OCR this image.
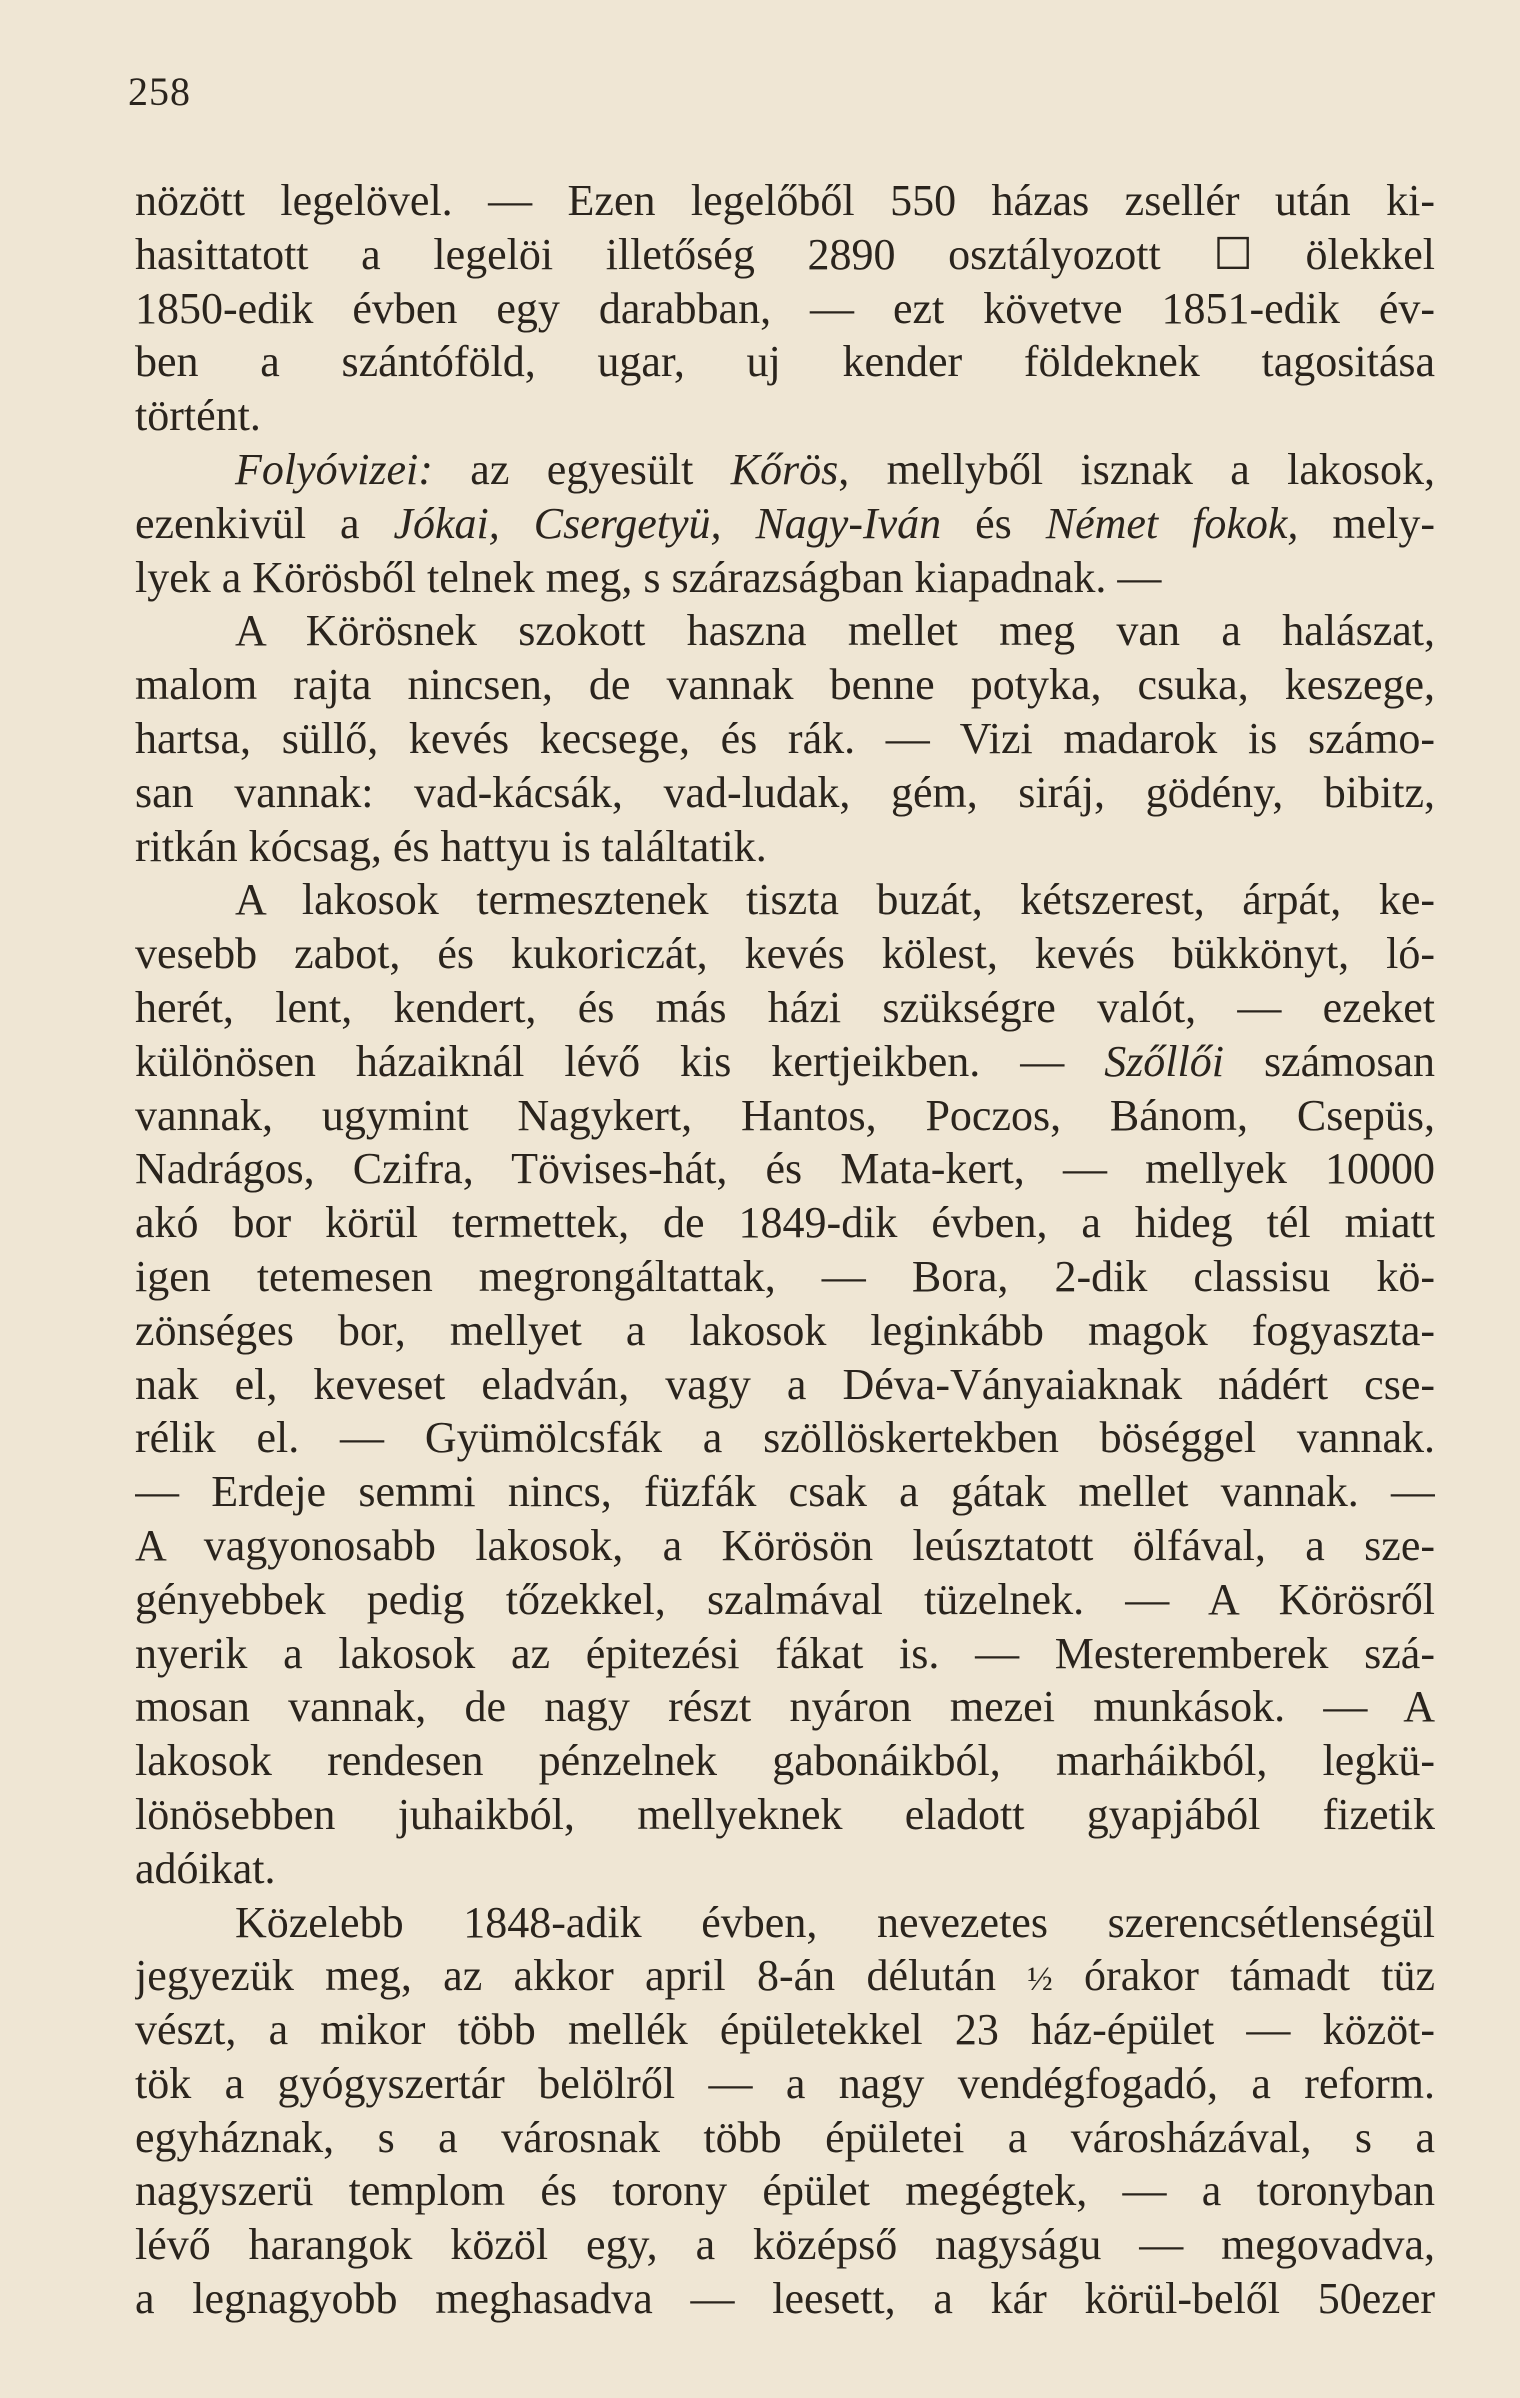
258
nözött legelövel. — Ezen legelőből 550 házas zsellér után ki-
hasittatott a legelöi illetőség 2890 osztályozott ☐ ölekkel
1850-edik évben egy darabban, — ezt követve 1851-edik év-
ben a szántóföld, ugar, uj kender földeknek tagositása
történt.
Folyóvizei: az egyesült Kőrös, mellyből isznak a lakosok,
ezenkivül a Jókai, Csergetyü, Nagy-Iván és Német fokok, mely-
lyek a Körösből telnek meg, s szárazságban kiapadnak. —
A Körösnek szokott haszna mellet meg van a halászat,
malom rajta nincsen, de vannak benne potyka, csuka, keszege,
hartsa, süllő, kevés kecsege, és rák. — Vizi madarok is számo-
san vannak: vad-kácsák, vad-ludak, gém, siráj, gödény, bibitz,
ritkán kócsag, és hattyu is találtatik.
A lakosok termesztenek tiszta buzát, kétszerest, árpát, ke-
vesebb zabot, és kukoriczát, kevés kölest, kevés bükkönyt, ló-
herét, lent, kendert, és más házi szükségre valót, — ezeket
különösen házaiknál lévő kis kertjeikben. — Szőllői számosan
vannak, ugymint Nagykert, Hantos, Poczos, Bánom, Csepüs,
Nadrágos, Czifra, Tövises-hát, és Mata-kert, — mellyek 10000
akó bor körül termettek, de 1849-dik évben, a hideg tél miatt
igen tetemesen megrongáltattak, — Bora, 2-dik classisu kö-
zönséges bor, mellyet a lakosok leginkább magok fogyaszta-
nak el, keveset eladván, vagy a Déva-Ványaiaknak nádért cse-
rélik el. — Gyümölcsfák a szöllöskertekben böséggel vannak.
— Erdeje semmi nincs, füzfák csak a gátak mellet vannak. —
A vagyonosabb lakosok, a Körösön leúsztatott ölfával, a sze-
gényebbek pedig tőzekkel, szalmával tüzelnek. — A Körösről
nyerik a lakosok az épitezési fákat is. — Mesteremberek szá-
mosan vannak, de nagy részt nyáron mezei munkások. — A
lakosok rendesen pénzelnek gabonáikból, marháikból, legkü-
lönösebben juhaikból, mellyeknek eladott gyapjából fizetik
adóikat.
Közelebb 1848-adik évben, nevezetes szerencsétlenségül
jegyezük meg, az akkor april 8-án délután ½ órakor támadt tüz
vészt, a mikor több mellék épületekkel 23 ház-épület — közöt-
tök a gyógyszertár belölről — a nagy vendégfogadó, a reform.
egyháznak, s a városnak több épületei a városházával, s a
nagyszerü templom és torony épület megégtek, — a toronyban
lévő harangok közöl egy, a középső nagyságu — megovadva,
a legnagyobb meghasadva — leesett, a kár körül-belől 50ezer
